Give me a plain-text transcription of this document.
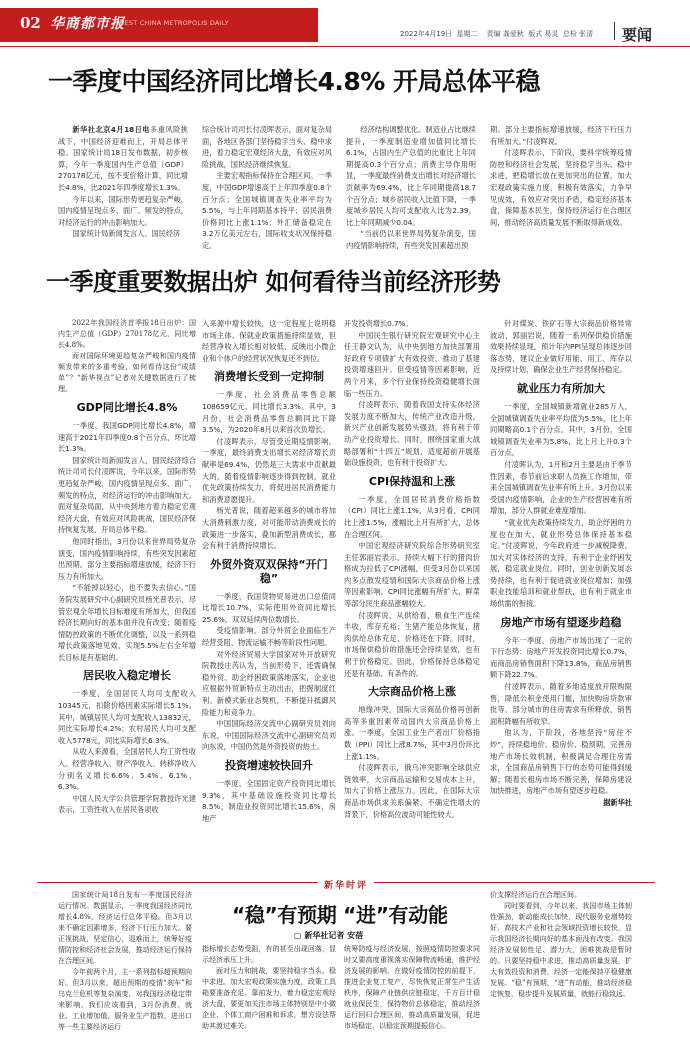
02 华商都市报
WEST CHINA METROPOLIS DAILY
2022年4月19日  星期二    责编 龚爱秋  版式 易灵  总检 张清 要闻
一季度中国经济同比增长4.8% 开局总体平稳

新华社北京4月18日电多重风险挑战下，中国经济迎难而上，开局总体平稳。国家统计局18日发布数据，初步核算，今年一季度国内生产总值（GDP）270178亿元，按不变价格计算，同比增长4.8%，比2021年四季度增长1.3%。

今年以来，国际形势更趋复杂严峻，国内疫情呈现点多、面广、频发的特点，对经济运行的冲击影响加大。

国家统计局新闻发言人、国民经济

综合统计司司长付凌晖表示，面对复杂局面，各地区各部门坚持稳字当头、稳中求进，着力稳定宏观经济大盘，有效应对风险挑战，国民经济继续恢复。

主要宏观指标保持在合理区间。一季度，中国GDP增速高于上年四季度0.8个百分点；全国城镇调查失业率平均为5.5%，与上年同期基本持平；居民消费价格同比上涨1.1%；外汇储备稳定在3.2万亿美元左右，国际收支状况保持稳定。

经济结构调整优化。制造业占比继续提升，一季度制造业增加值同比增长6.1%，占国内生产总值的比重比上年同期提高0.3个百分点；消费主导作用明显，一季度最终消费支出增长对经济增长贡献率为69.4%，比上年同期提高18.7个百分点；城乡居民收入比值下降，一季度城乡居民人均可支配收入比为2.39，比上年同期减少0.04。

“当前仍以来世界局势复杂演变，国内疫情影响持续，有些突发因素超出预

期。部分主要指标增速放缓，经济下行压力有所加大。”付凌晖说。

付凌晖表示，下阶段，要科学统筹疫情防控和经济社会发展，坚持稳字当头、稳中求进，把稳增长放在更加突出的位置，加大宏观政策实施力度，积极有效落实，力争早见成效，有效应对突出矛盾，稳定经济基本盘，保障基本民生，保持经济运行在合理区间，推动经济高质量发展不断取得新成效。

一季度重要数据出炉 如何看待当前经济形势

2022年我国经济首季报18日出炉：国内生产总值（GDP）270178亿元，同比增长4.8%。

面对国际环境更趋复杂严峻和国内疫情频发带来的多重考验，如何看待这份“成绩单”？“新华视点”记者对关键数据进行了梳理。

GDP同比增长4.8%

一季度，我国GDP同比增长4.8%，增速高于2021年四季度0.8个百分点，环比增长1.3%。

国家统计局新闻发言人、国民经济综合统计司司长付凌晖说，今年以来，国际形势更趋复杂严峻，国内疫情呈现点多、面广、频发的特点，对经济运行的冲击影响加大。面对复杂局面，从中央到地方着力稳定宏观经济大盘，有效应对风险挑战，国民经济保持恢复发展，开局总体平稳。

他同时指出，3月份以来世界局势复杂演变，国内疫情影响持续，有些突发因素超出预期。部分主要指标增速放缓，经济下行压力有所加大。

“不能掉以轻心，也不要失去信心。”国务院发展研究中心副研究员杨光普表示，尽管宏观全年增长目标难度有所加大，但我国经济长期向好的基本面并没有改变；随着疫情防控政策的不断优化调整，以及一系列稳增长政策落地见效，实现5.5%左右全年增长目标是有基础的。

居民收入稳定增长

一季度，全国居民人均可支配收入10345元，扣除价格因素实际增长5.1%。其中，城镇居民人均可支配收入13832元，同比实际增长4.2%；农村居民人均可支配收入5778元，同比实际增长6.3%。

从收入来源看，全国居民人均工资性收入、经营净收入、财产净收入、转移净收入分别名义增长6.6%、5.4%、6.1%、6.3%。

中国人民大学公共管理学院教授许光建表示，工资性收入在居民各项收

入来源中增长较快，这一定程度上说明稳市场主体、保就业政策措施持续显效，但经营净收入增长相对较低，反映出小微企业和个体户的经营状况恢复还不到位。

消费增长受到一定抑制

一季度，社会消费品零售总额108659亿元，同比增长3.3%。其中，3月份，社会消费品零售总额同比下降3.5%，为2020年8月以来首次负增长。

付凌晖表示，尽管受近期疫情影响，一季度，最终消费支出增长对经济增长贡献率是69.4%，仍然是三大需求中贡献最大的。随着疫情影响逐步得到控制，就业优先政策持续发力，将促进居民消费能力和消费意愿提升。

杨光普说，随着超来越多的城市将加大消费刺激力度，对可能带动消费成长的政策进一步落实，叠加新型消费成长，都会有利于消费持续增长。

外贸外资双双保持“开门稳”

一季度，我国货物贸易进出口总值同比增长10.7%，实际使用外资同比增长25.6%，双双延续两位数增长。

受疫情影响，部分外贸企业面临生产经营受阻、物流运输不畅等阶段性问题。

对外经济贸易大学国家对外开放研究院教授庄芮认为，当前形势下，还需确保稳外贸、助企纾困政策落地落实，企业也应根据外贸新特点主动出击，把握制度红利、新模式新业态契机，不断提升抵御风险能力和竞争力。

中国国际经济交流中心副研究员刘向东说，中国国际经济交流中心副研究员刘向东说，中国仍然是外资投资的热土。

投资增速较快回升

一季度，全国固定资产投资同比增长9.3%，其中基础设施投资同比增长8.5%，制造业投资同比增长15.6%，房地产

开发投资增长0.7%。

中国民生银行研究院宏观研究中心主任王静文认为，从中央到地方加快部署用好政府专项债扩大有效投资，推动了基建投资增速回升。但受疫情等因素影响，近两个月来，多个行业保持投资稳健增长面临一些压力。

付凌晖表示，随着我国支持实体经济发展力度不断加大，传统产业改造升级，新兴产业创新发展势头强劲，将有利于带动产业投资增长。同时，围绕国家重大战略部署和“十四五”规划，适度超前开展基础设施投资，也有利于投资扩大。

CPI保持温和上涨

一季度，全国居民消费价格指数（CPI）同比上涨1.1%，从3月看，CPI同比上涨1.5%，涨幅比上月有所扩大，总体在合理区间。

中国宏观经济研究院综合形势研究室主任郭丽岩表示，持续大幅下行的猪肉价格成为拉低了CPI涨幅，但受3月份以来国内多点散发疫情和国际大宗商品价格上涨等因素影响，CPI同比涨幅有所扩大，鲜菜等部分民生商品涨幅较大。

付凌晖说，从供给看，粮食生产连续丰收，库存充裕；生猪产能总体恢复，猪肉供给总体充足，价格还在下降。同时，市场保供稳价的措施还会持续显效，也有利于价格稳定。因此，价格保持总体稳定还是有基础、有条件的。

大宗商品价格上涨

地缘冲突，国际大宗商品价格再创新高等多重因素带动国内大宗商品价格上涨。一季度，全国工业生产者出厂价格指数（PPI）同比上涨8.7%，其中3月份环比上涨1.1%。

付凌晖表示，俄乌冲突影响全球供应链效率，大宗商品运输和交易成本上升，加大了价格上涨压力。因此，在国际大宗商品市场供求关系偏紧、不确定性增大的背景下，价格高位波动可能性较大。

针对煤炭、铁矿石等大宗商品价格异常波动，郭丽岩说，随着一系列保供稳价措施效果持续显现，预计年内PPI呈现总体逐步回落态势，建议企业做好用能、用工、库存以及持续计划，确保企业生产经营保持稳定。

就业压力有所加大

一季度，全国城镇新增就业285万人，全国城镇调查失业率平均值为5.5%，比上年同期略高0.1个百分点。其中，3月份，全国城镇调查失业率为5.8%，比上月上升0.3个百分点。

付凌晖认为，1月和2月主要是由于季节性因素，春节前后求职人员换工作增加，带来全国城镇调查失业率有所上升。3月份以来受国内疫情影响，企业的生产经营困难有所增加，部分人群就业难度增加。

“就业优先政策持续发力，助企纾困的力度也在加大，就业形势总体保持基本稳定。”付凌晖说，今年政府进一步减税降费，加大对实体经济的支持，有利于企业纾困发展，稳定就业岗位。同时，创业创新发展态势持续，也有利于促进就业岗位增加；加强职业技能培训和就业帮扶，也有利于就业市场供需的衔接。

房地产市场有望逐步趋稳

今年一季度，房地产市场出现了一定的下行态势：房地产开发投资同比增长0.7%，而商品房销售面积下降13.8%，商品房销售额下降22.7%。

付凌晖表示，随着多地适度放开限购限售，降低公积金使用门槛，加快购房贷款审批等，部分城市的住房需求有所释放，销售面积降幅有所收窄。

他认为，下阶段，各地坚持“房住不炒”，持续稳地价、稳房价、稳预期，完善房地产市场长效机制，积极满足合理住房需求，全国商品房销售下行的态势可能得到缓解；随着长租房市场不断完善，保障房建设加快推进，房地产市场有望逐步趋稳。

据新华社
新华时评

国家统计局18日发布一季度国民经济运行情况。数据显示，一季度我国经济同比增长4.8%，经济运行总体平稳。但3月以来不确定因素增多，经济下行压力加大。要正视挑战，坚定信心，迎难而上，统筹好疫情防控和经济社会发展，推动经济运行保持在合理区间。

今年前两个月，主一系列指标超预期向好。但3月以来，超出预期的疫情“刹车”和乌克兰危机等复杂演变，对我国经济稳定带来影响。我们应该看到，3月份消费、就业、工业增加值、服务业生产指数，进出口等一些主要经济运行

“稳”有预期 “进”有动能
▢ 新华社记者 安蓓

指标增长态势受阻，有的甚至出现回落，显示经济承压上升。

面对压力和挑战，要坚持稳字当头、稳中求进。加大宏观政策实施力度，政策工具箱要准备充足、靠前发力，着力稳定宏观经济大盘，要更加关注市场主体特别是中小微企业、个体工商户困难和诉求，想方设法帮助其渡过难关。

统筹防疫与经济发展，按照疫情防控要求同时又要高度重视落实保障物流畅通，维护经济发展的影响，在做好疫情防控的前提下，推进企业复工复产，尽快恢复正常生产生活秩序，保障产业链供应链稳定，千方百计稳就业保民生，保持物价总体稳定，推动经济运行回归合理区间，推动高质量发展，促进市场稳定，以稳定预期提振信心。

价支撑经济运行在合理区间。

同时要看到，今年以来，我国市场主体韧性强劲，新动能成长加快，现代服务业增势较好，高技术产业和社会领域投资增长较快，显示我国经济长期向好的基本面没有改变。我国经济发展韧性足、潜力大，困难挑战是暂时的。只要坚持稳中求进，推动高质量发展，扩大有效投资和消费，经济一定能保持平稳健康发展。“稳”有预期，“进”有动能，推动经济稳定恢复，稳步提升发展质量，就能行稳致远。
